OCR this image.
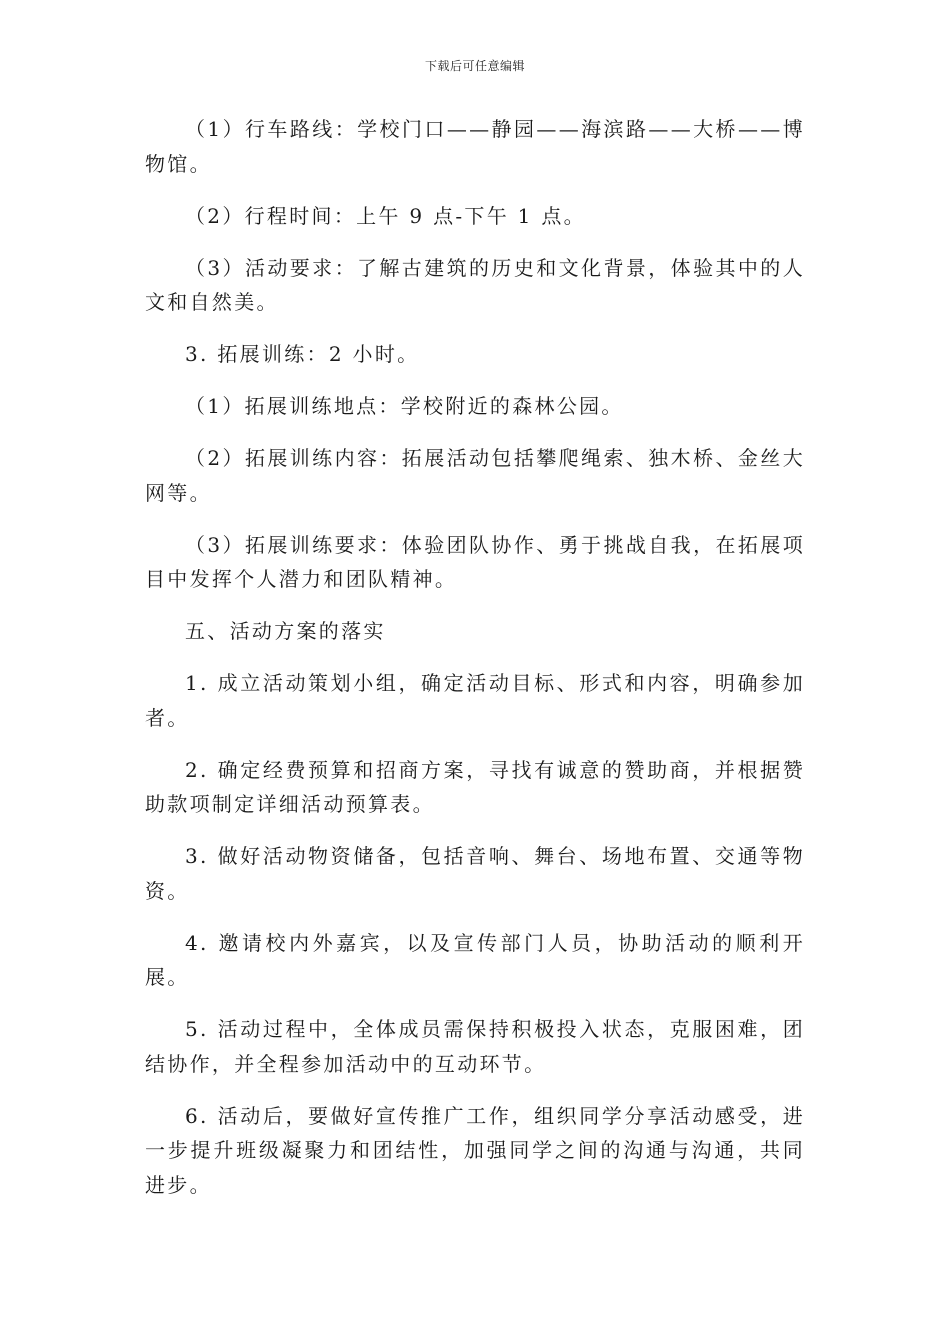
下载后可任意编辑

（1）行车路线：学校门口——静园——海滨路——大桥——博物馆。

（2）行程时间：上午 9 点-下午 1 点。

（3）活动要求：了解古建筑的历史和文化背景，体验其中的人文和自然美。

3. 拓展训练：2 小时。

（1）拓展训练地点：学校附近的森林公园。

（2）拓展训练内容：拓展活动包括攀爬绳索、独木桥、金丝大网等。

（3）拓展训练要求：体验团队协作、勇于挑战自我，在拓展项目中发挥个人潜力和团队精神。

五、活动方案的落实

1. 成立活动策划小组，确定活动目标、形式和内容，明确参加者。

2. 确定经费预算和招商方案，寻找有诚意的赞助商，并根据赞助款项制定详细活动预算表。

3. 做好活动物资储备，包括音响、舞台、场地布置、交通等物资。

4. 邀请校内外嘉宾，以及宣传部门人员，协助活动的顺利开展。

5. 活动过程中，全体成员需保持积极投入状态，克服困难，团结协作，并全程参加活动中的互动环节。

6. 活动后，要做好宣传推广工作，组织同学分享活动感受，进一步提升班级凝聚力和团结性，加强同学之间的沟通与沟通，共同进步。
